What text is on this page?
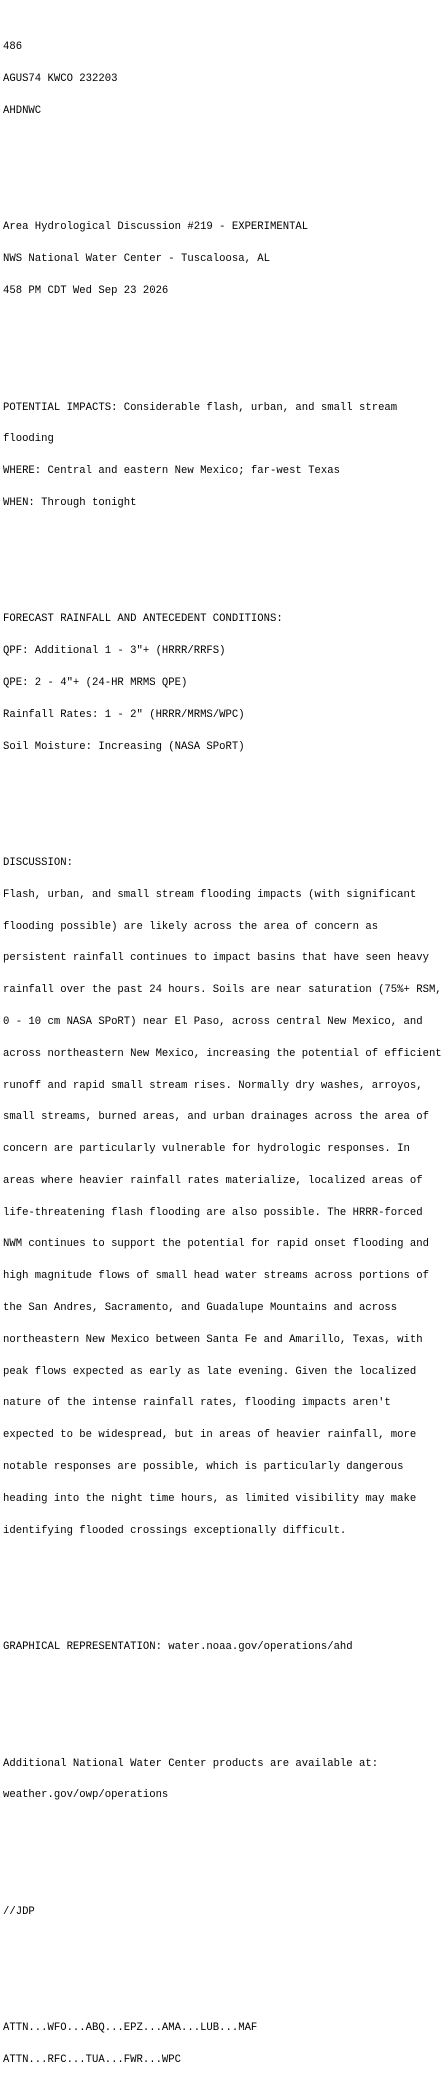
486

AGUS74 KWCO 232203

AHDNWC

Area Hydrological Discussion #219 - EXPERIMENTAL

NWS National Water Center - Tuscaloosa, AL

458 PM CDT Wed Sep 23 2026

POTENTIAL IMPACTS: Considerable flash, urban, and small stream

flooding

WHERE: Central and eastern New Mexico; far-west Texas

WHEN: Through tonight

FORECAST RAINFALL AND ANTECEDENT CONDITIONS:

QPF: Additional 1 - 3"+ (HRRR/RRFS)

QPE: 2 - 4"+ (24-HR MRMS QPE)

Rainfall Rates: 1 - 2" (HRRR/MRMS/WPC)

Soil Moisture: Increasing (NASA SPoRT)

DISCUSSION:

Flash, urban, and small stream flooding impacts (with significant

flooding possible) are likely across the area of concern as

persistent rainfall continues to impact basins that have seen heavy

rainfall over the past 24 hours. Soils are near saturation (75%+ RSM,

0 - 10 cm NASA SPoRT) near El Paso, across central New Mexico, and

across northeastern New Mexico, increasing the potential of efficient

runoff and rapid small stream rises. Normally dry washes, arroyos,

small streams, burned areas, and urban drainages across the area of

concern are particularly vulnerable for hydrologic responses. In

areas where heavier rainfall rates materialize, localized areas of

life-threatening flash flooding are also possible. The HRRR-forced

NWM continues to support the potential for rapid onset flooding and

high magnitude flows of small head water streams across portions of

the San Andres, Sacramento, and Guadalupe Mountains and across

northeastern New Mexico between Santa Fe and Amarillo, Texas, with

peak flows expected as early as late evening. Given the localized

nature of the intense rainfall rates, flooding impacts aren't

expected to be widespread, but in areas of heavier rainfall, more

notable responses are possible, which is particularly dangerous

heading into the night time hours, as limited visibility may make

identifying flooded crossings exceptionally difficult.

GRAPHICAL REPRESENTATION: water.noaa.gov/operations/ahd

Additional National Water Center products are available at:

weather.gov/owp/operations

//JDP

ATTN...WFO...ABQ...EPZ...AMA...LUB...MAF

ATTN...RFC...TUA...FWR...WPC
